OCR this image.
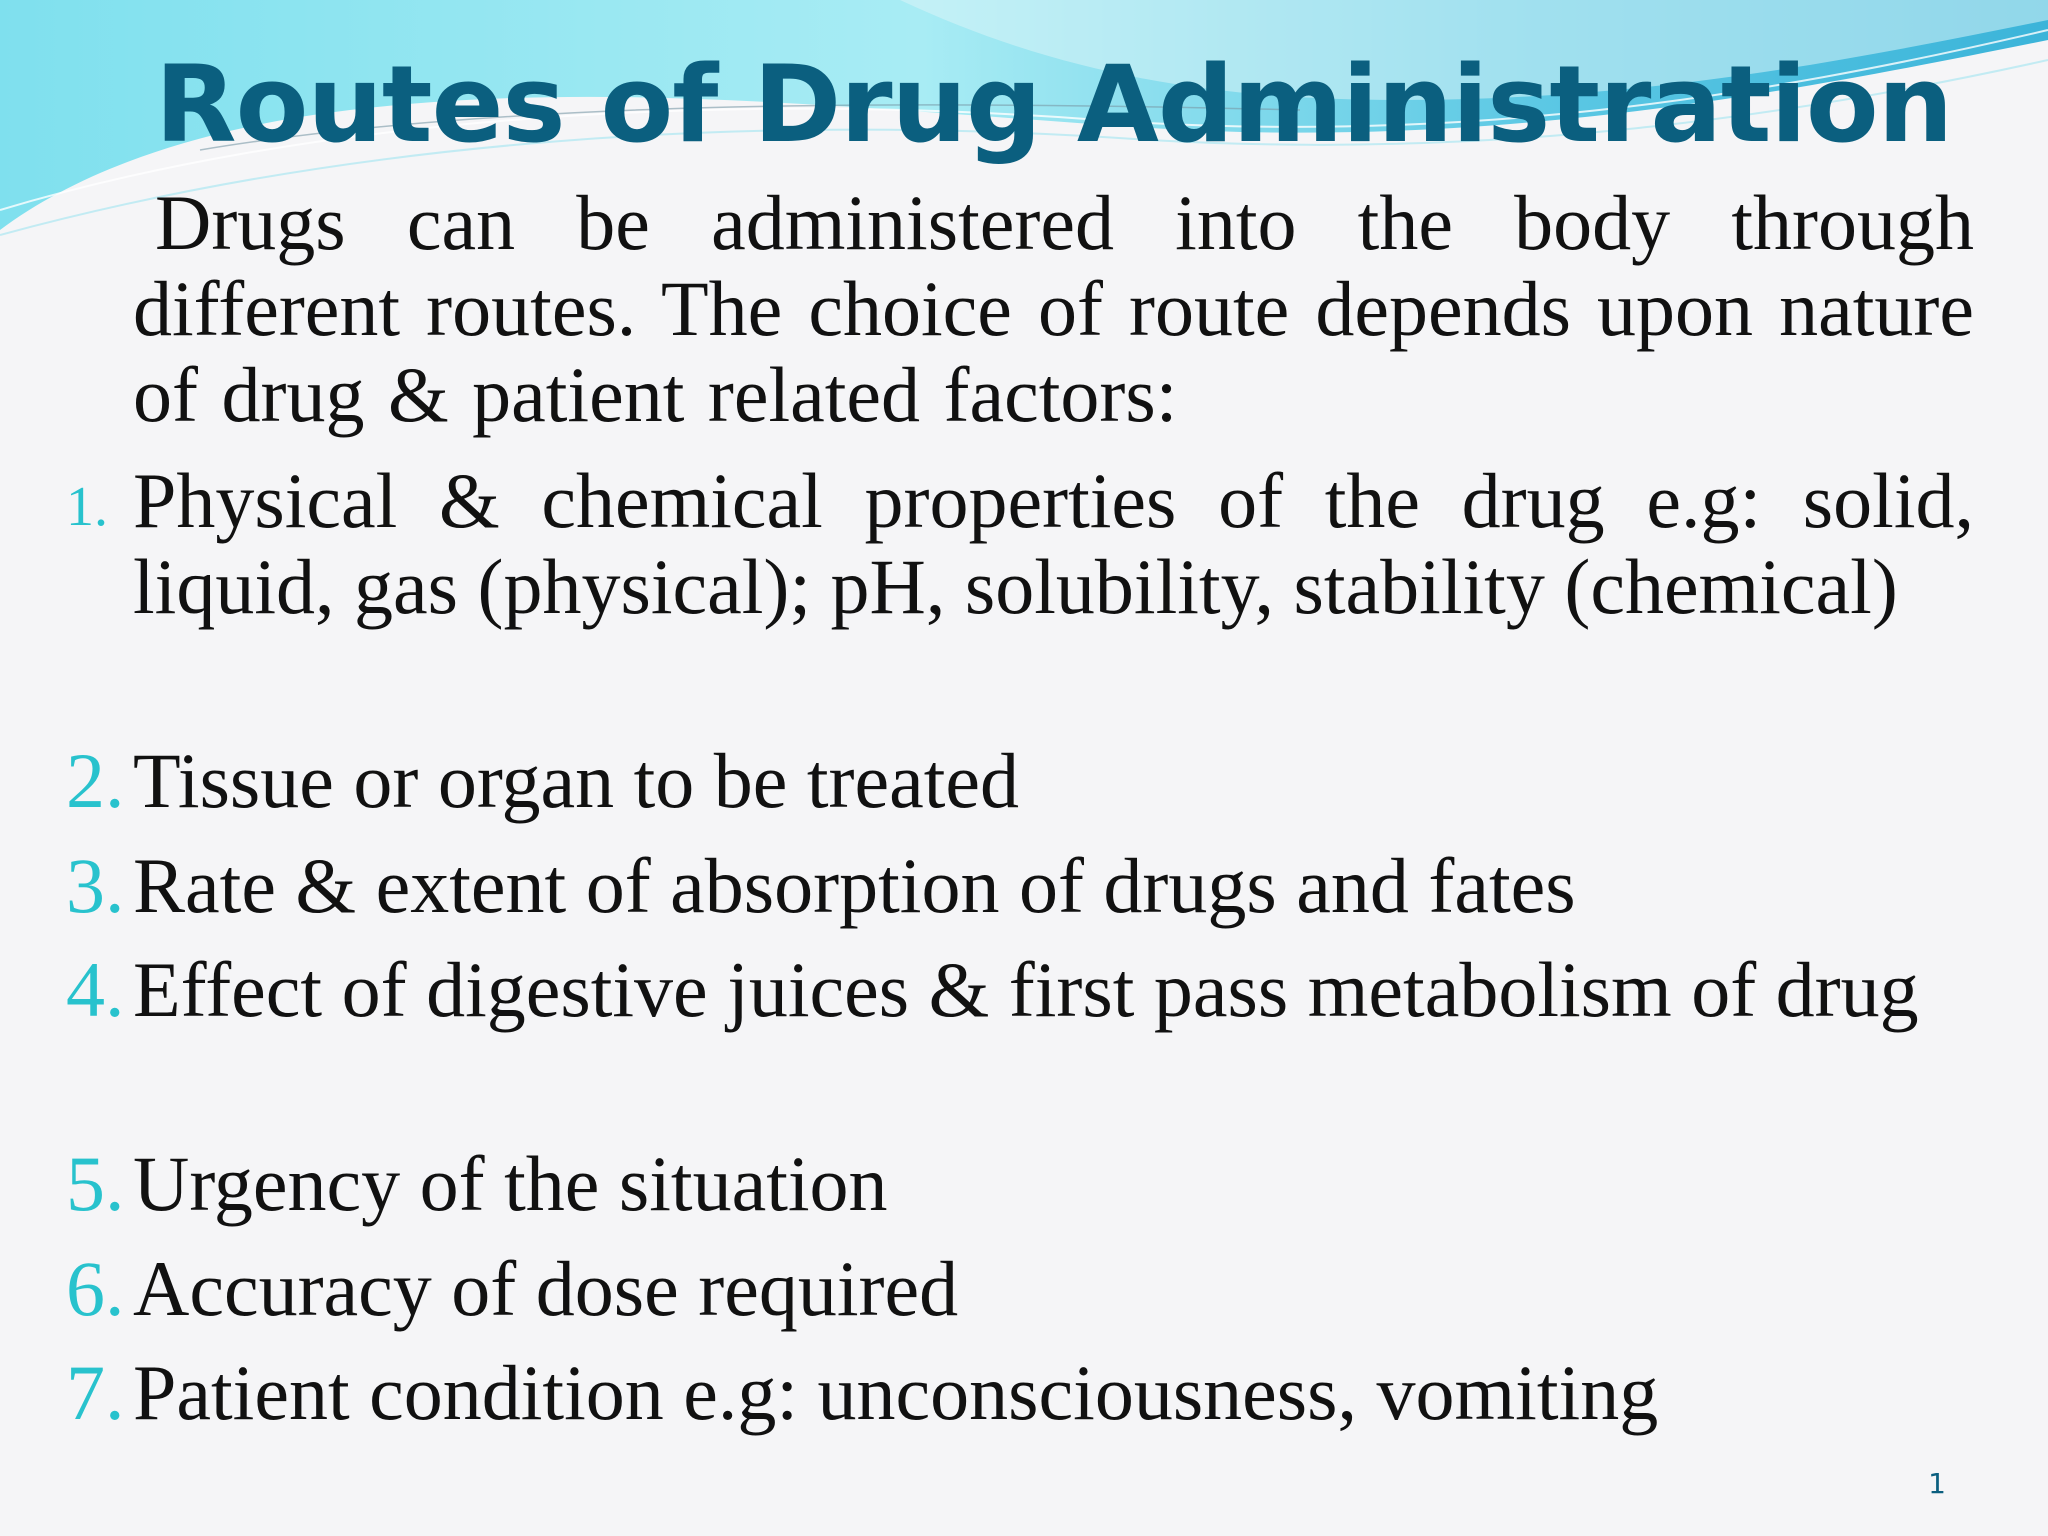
Routes of Drug Administration

Drugs can be administered into the body through different routes. The choice of route depends upon nature of drug & patient related factors:

1. Physical & chemical properties of the drug e.g: solid, liquid, gas (physical); pH, solubility, stability (chemical)
2. Tissue or organ to be treated
3. Rate & extent of absorption of drugs and fates
4. Effect of digestive juices & first pass metabolism of drug
5. Urgency of the situation
6. Accuracy of dose required
7. Patient condition e.g: unconsciousness, vomiting
1
